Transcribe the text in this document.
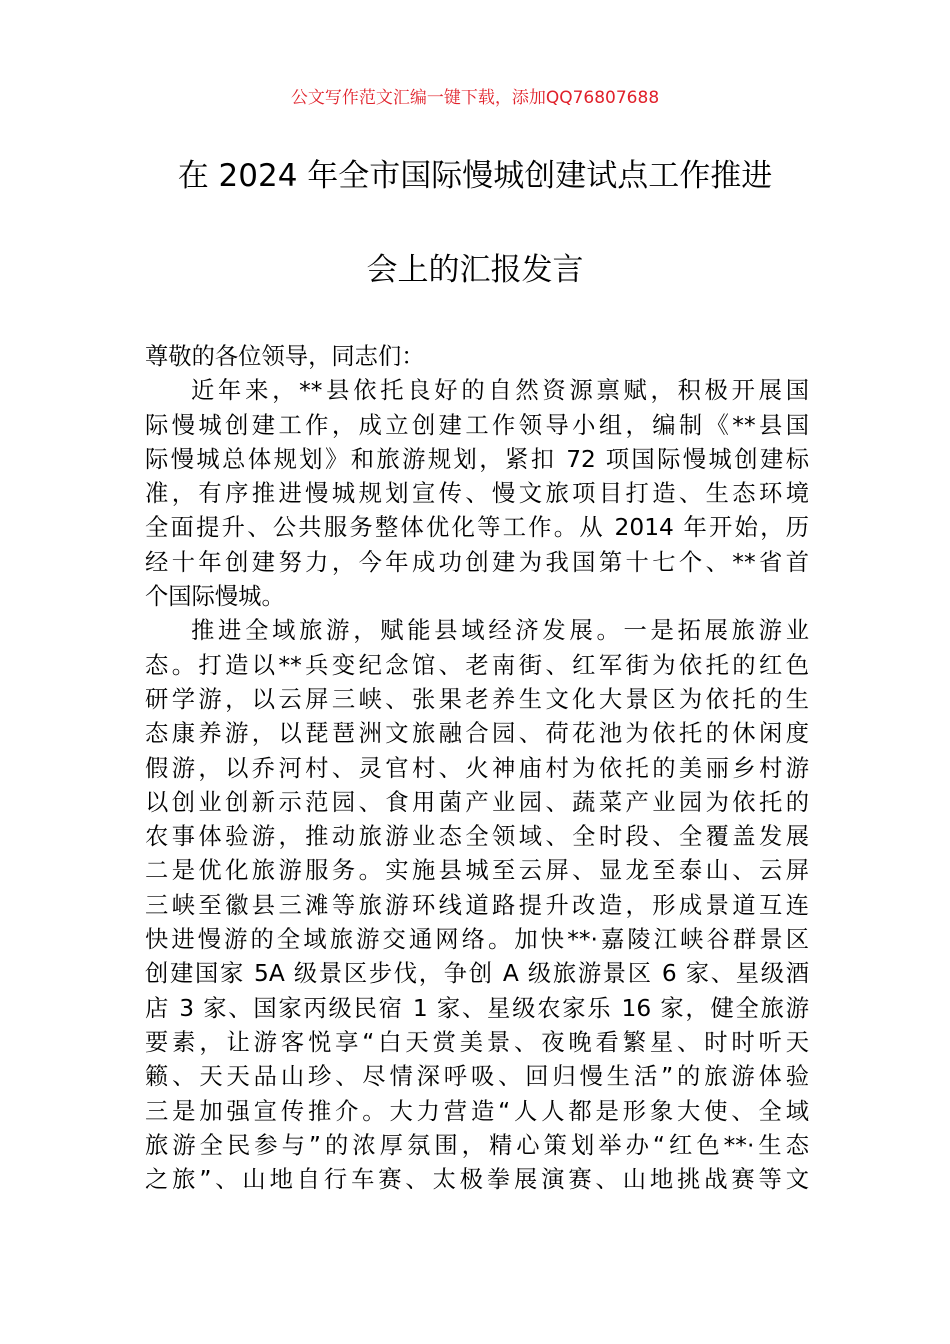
公文写作范文汇编一键下载，添加QQ76807688
在 2024 年全市国际慢城创建试点工作推进
会上的汇报发言
尊敬的各位领导，同志们：
近年来，**县依托良好的自然资源禀赋，积极开展国
际慢城创建工作，成立创建工作领导小组，编制《**县国
际慢城总体规划》和旅游规划，紧扣 72 项国际慢城创建标
准，有序推进慢城规划宣传、慢文旅项目打造、生态环境
全面提升、公共服务整体优化等工作。从 2014 年开始，历
经十年创建努力，今年成功创建为我国第十七个、**省首
个国际慢城。
推进全域旅游，赋能县域经济发展。一是拓展旅游业
态。打造以**兵变纪念馆、老南街、红军街为依托的红色
研学游，以云屏三峡、张果老养生文化大景区为依托的生
态康养游，以琵琶洲文旅融合园、荷花池为依托的休闲度
假游，以乔河村、灵官村、火神庙村为依托的美丽乡村游
以创业创新示范园、食用菌产业园、蔬菜产业园为依托的
农事体验游，推动旅游业态全领域、全时段、全覆盖发展
二是优化旅游服务。实施县城至云屏、显龙至泰山、云屏
三峡至徽县三滩等旅游环线道路提升改造，形成景道互连
快进慢游的全域旅游交通网络。加快**·嘉陵江峡谷群景区
创建国家 5A 级景区步伐，争创 A 级旅游景区 6 家、星级酒
店 3 家、国家丙级民宿 1 家、星级农家乐 16 家，健全旅游
要素，让游客悦享“白天赏美景、夜晚看繁星、时时听天
籁、天天品山珍、尽情深呼吸、回归慢生活”的旅游体验
三是加强宣传推介。大力营造“人人都是形象大使、全域
旅游全民参与”的浓厚氛围，精心策划举办“红色**·生态
之旅”、山地自行车赛、太极拳展演赛、山地挑战赛等文
